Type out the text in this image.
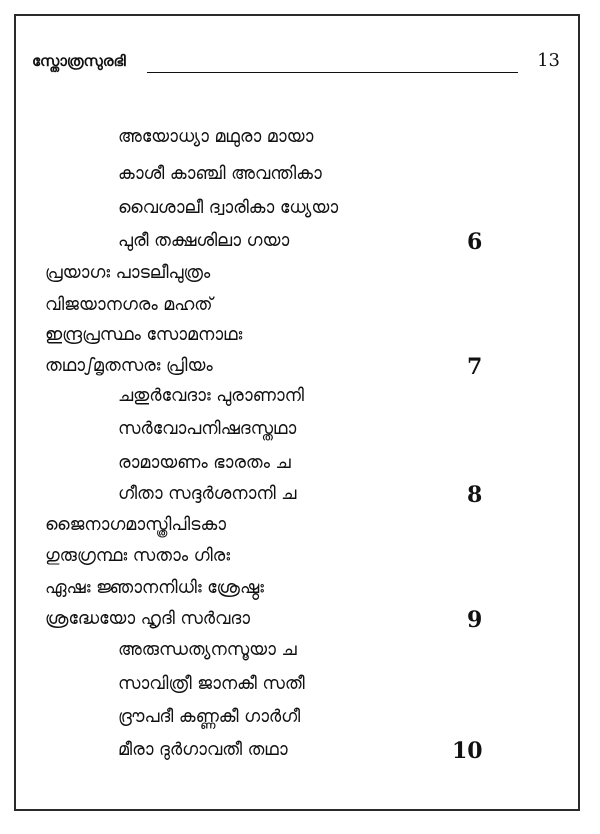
സ്തോത്രസുരഭി	13
അയോധ്യാ മഥുരാ മായാ
കാശീ കാഞ്ചി അവന്തികാ
വൈശാലീ ദ്വാരികാ ധ്യേയാ
പുരീ തക്ഷശിലാ ഗയാ	6
പ്രയാഗഃ പാടലീപുത്രം
വിജയാനഗരം മഹത്
ഇന്ദ്രപ്രസ്ഥം സോമനാഥഃ
തഥാഽമൃതസരഃ പ്രിയം	7
ചതുർവേദാഃ പുരാണാനി
സർവോപനിഷദസ്തഥാ
രാമായണം ഭാരതം ച
ഗീതാ സദ്ദർശനാനി ച	8
ജൈനാഗമാസ്ത്രിപിടകാ
ഗുരുഗ്രന്ഥഃ സതാം ഗിരഃ
ഏഷഃ ജ്ഞാനനിധിഃ ശ്രേഷ്ഠഃ
ശ്രദ്ധേയോ ഹൃദി സർവദാ	9
അരുന്ധത്യനസൂയാ ച
സാവിത്രീ ജാനകീ സതീ
ദ്രൗപദീ കണ്ണകീ ഗാർഗീ
മീരാ ദുർഗാവതീ തഥാ	10
